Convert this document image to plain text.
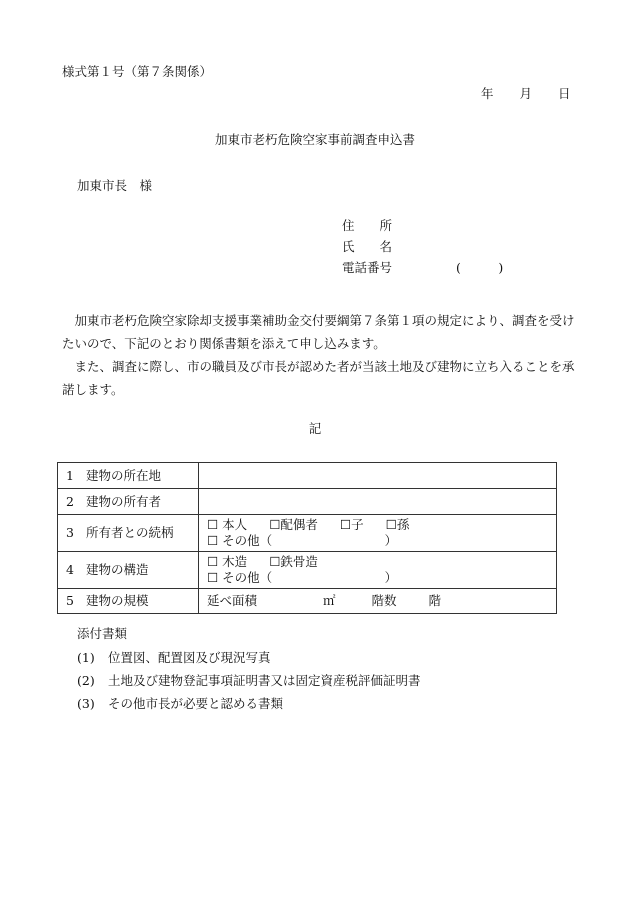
様式第１号（第７条関係）
年 月 日
加東市老朽危険空家事前調査申込書
加東市長　様
住　　所
氏　　名
電話番号	(　　　)

加東市老朽危険空家除却支援事業補助金交付要綱第７条第１項の規定により、調査を受けたいので、下記のとおり関係書類を添えて申し込みます。

また、調査に際し、市の職員及び市長が認めた者が当該土地及び建物に立ち入ることを承諾します。

記
1 建物の所在地	
2 建物の所有者	
3 所有者との続柄	☐ 本人 ☐配偶者 ☐子 ☐孫
☐ その他（　　　　　　　　　）

4 建物の構造	☐ 木造 ☐鉄骨造
☐ その他（　　　　　　　　　）

5 建物の規模	延べ面積 ㎡ 階数 階
添付書類
(1) 位置図、配置図及び現況写真
(2) 土地及び建物登記事項証明書又は固定資産税評価証明書
(3) その他市長が必要と認める書類
